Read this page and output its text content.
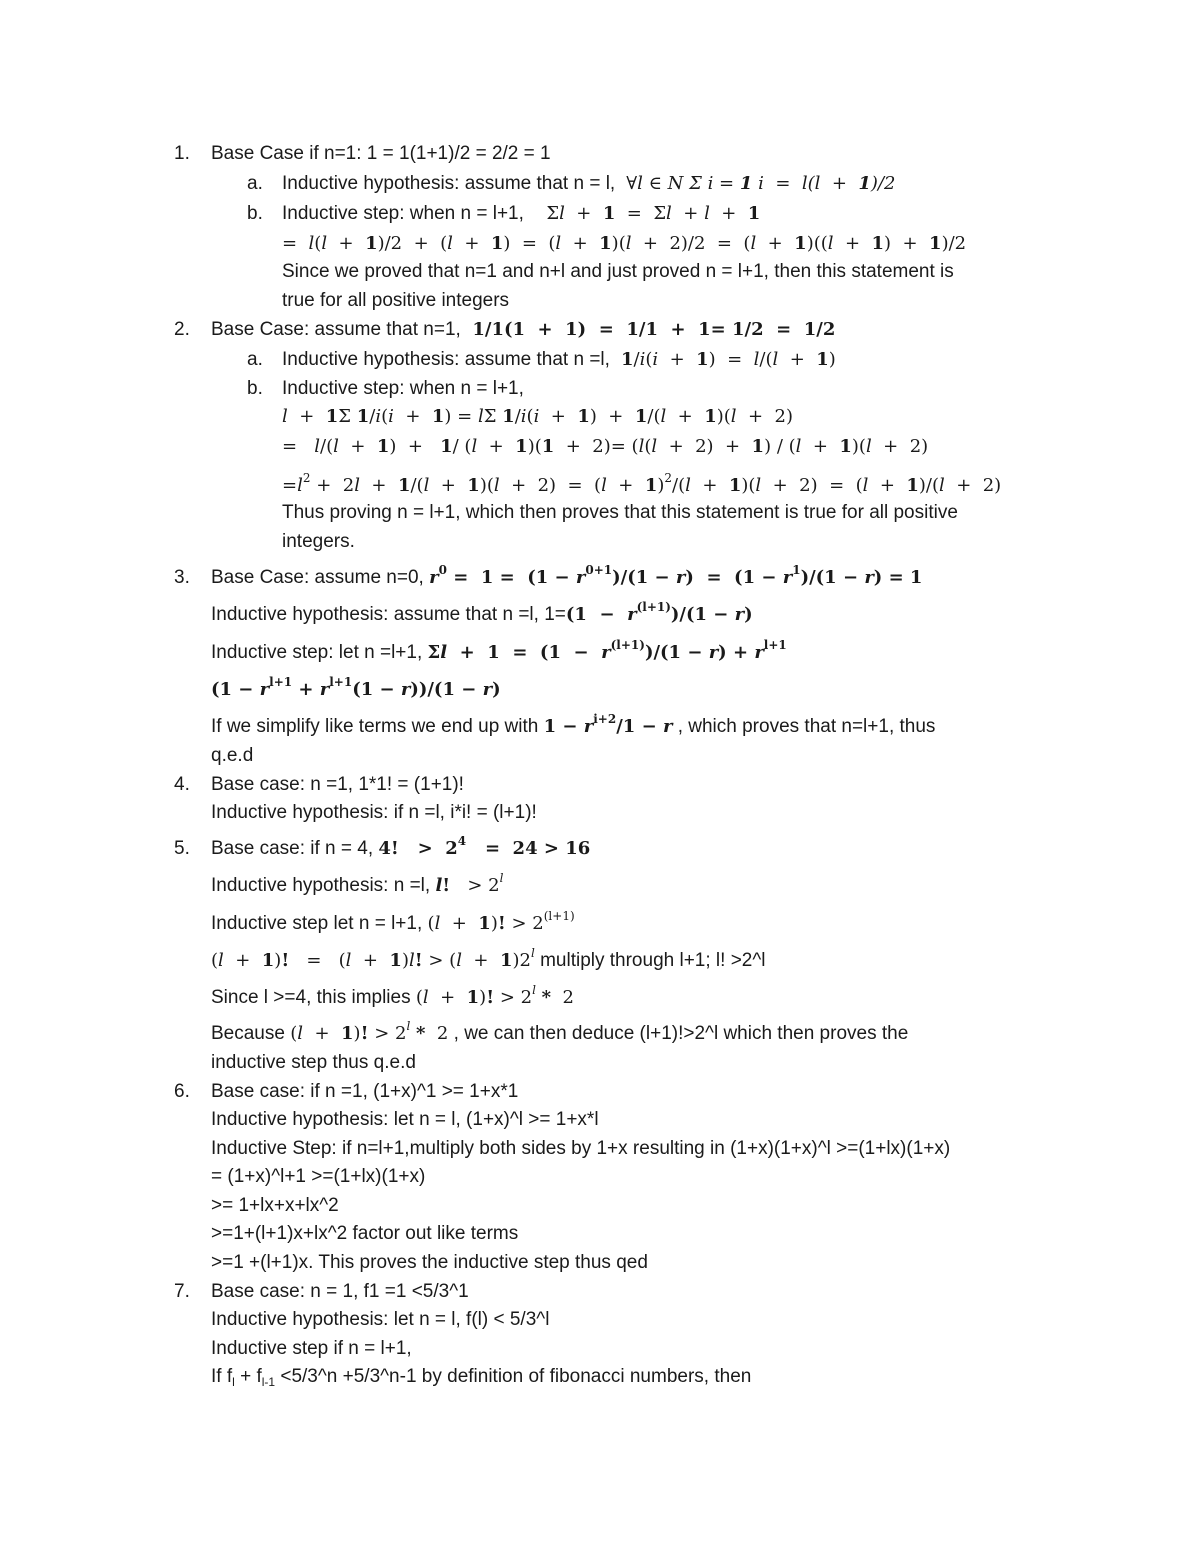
1. Base Case if n=1: 1 = 1(1+1)/2 = 2/2 = 1
a. Inductive hypothesis: assume that n = l,  ∀l ∈ N Σ i = 1 i  =  l(l  +  1)/2
b. Inductive step: when n = l+1,    Σl  +  1  =  Σl  + l  +  1
=  l(l  +  1)/2  +  (l  +  1)  =  (l  +  1)(l  +  2)/2  =  (l  +  1)((l  +  1)  +  1)/2
Since we proved that n=1 and n+l and just proved n = l+1, then this statement is
true for all positive integers
2. Base Case: assume that n=1,  1/1(1  +  1)  =  1/1  +  1= 1/2  =  1/2
a. Inductive hypothesis: assume that n =l, 1/i(i  +  1)  =  l/(l  +  1)
b. Inductive step: when n = l+1,
l  +  1Σ 1/i(i  +  1) = lΣ 1/i(i  +  1)  +  1/(l  +  1)(l  +  2)
=   l/(l  +  1)  +   1/ (l  +  1)(1  +  2)= (l(l  +  2)  +  1) / (l  +  1)(l  +  2)
$=l^2 + 2l + 1/(l + 1)(l + 2) = (l + 1)^2/(l + 1)(l + 2) = (l + 1)/(l + 2)$
Thus proving n = l+1, which then proves that this statement is true for all positive
integers.
3. Base Case: assume n=0, $r^0 = 1 = (1 - r^{0+1})/(1 - r) = (1 - r^1)/(1 - r) = 1$
Inductive hypothesis: assume that n =l, $1=(1 - r^{(l+1)})/(1 - r)$
Inductive step: let n =l+1, $\Sigma l + 1 = (1 - r^{(l+1)})/(1 - r) + r^{l+1}$
$(1 - r^{l+1} + r^{l+1}(1 - r))/(1 - r)$
If we simplify like terms we end up with $1 - r^{i+2}/1 - r$ , which proves that n=l+1, thus
q.e.d
4. Base case: n =1, 1*1! = (1+1)!
Inductive hypothesis: if n =l, i*i! = (l+1)!
5. Base case: if n = 4, 4!   >  $2^4 = 24 > 16$
Inductive hypothesis: n =l, l!   > $2^l$
Inductive step let n = l+1, (l  +  1)! > $2^{(l+1)}$
(l  +  1)!   =   (l  +  1)l! > (l  +  1)2$^l$ multiply through l+1; l! >2^l
Since l >=4, this implies (l  +  1)! > $2^l * 2$
Because (l  +  1)! > $2^l * 2$ , we can then deduce (l+1)!>2^l which then proves the
inductive step thus q.e.d
6. Base case: if n =1, (1+x)^1 >= 1+x*1
Inductive hypothesis: let n = l, (1+x)^l >= 1+x*l
Inductive Step: if n=l+1,multiply both sides by 1+x resulting in (1+x)(1+x)^l >=(1+lx)(1+x)
= (1+x)^l+1 >=(1+lx)(1+x)
>= 1+lx+x+lx^2
>=1+(l+1)x+lx^2 factor out like terms
>=1 +(l+1)x. This proves the inductive step thus qed
7. Base case: n = 1, f1 =1 <5/3^1
Inductive hypothesis: let n = l, f(l) < 5/3^l
Inductive step if n = l+1,
If $f_l + f_{l-1}$ <5/3^n +5/3^n-1 by definition of fibonacci numbers, then
